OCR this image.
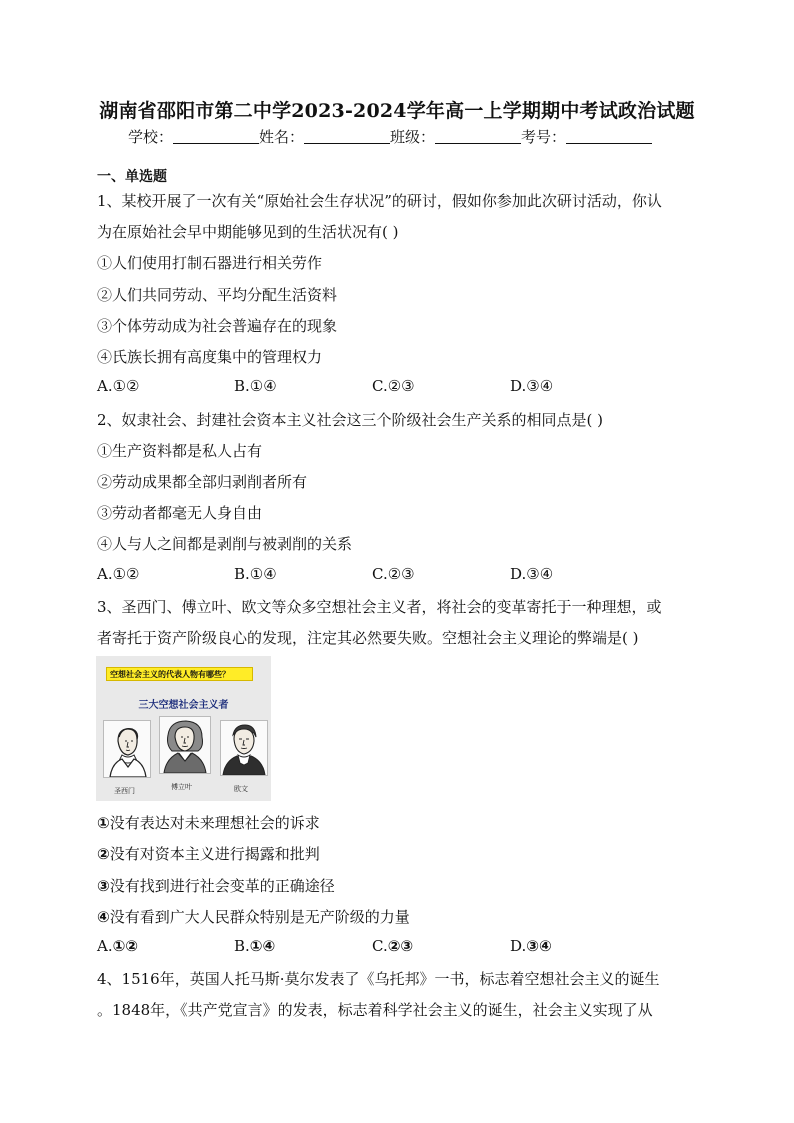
湖南省邵阳市第二中学2023-2024学年高一上学期期中考试政治试题
学校：	姓名：	班级：	考号：
一、单选题
1、某校开展了一次有关“原始社会生存状况”的研讨，假如你参加此次研讨活动，你认
为在原始社会早中期能够见到的生活状况有( )
①人们使用打制石器进行相关劳作
②人们共同劳动、平均分配生活资料
③个体劳动成为社会普遍存在的现象
④氏族长拥有高度集中的管理权力
A.①②	B.①④	C.②③	D.③④
2、奴隶社会、封建社会资本主义社会这三个阶级社会生产关系的相同点是( )
①生产资料都是私人占有
②劳动成果都全部归剥削者所有
③劳动者都毫无人身自由
④人与人之间都是剥削与被剥削的关系
A.①②	B.①④	C.②③	D.③④
3、圣西门、傅立叶、欧文等众多空想社会主义者，将社会的变革寄托于一种理想，或
者寄托于资产阶级良心的发现，注定其必然要失败。空想社会主义理论的弊端是( )
空想社会主义的代表人物有哪些？
三大空想社会主义者
圣西门	傅立叶	欧文
①没有表达对未来理想社会的诉求
②没有对资本主义进行揭露和批判
③没有找到进行社会变革的正确途径
④没有看到广大人民群众特别是无产阶级的力量
A.①②	B.①④	C.②③	D.③④
4、1516年，英国人托马斯·莫尔发表了《乌托邦》一书，标志着空想社会主义的诞生
。1848年，《共产党宣言》的发表，标志着科学社会主义的诞生，社会主义实现了从
